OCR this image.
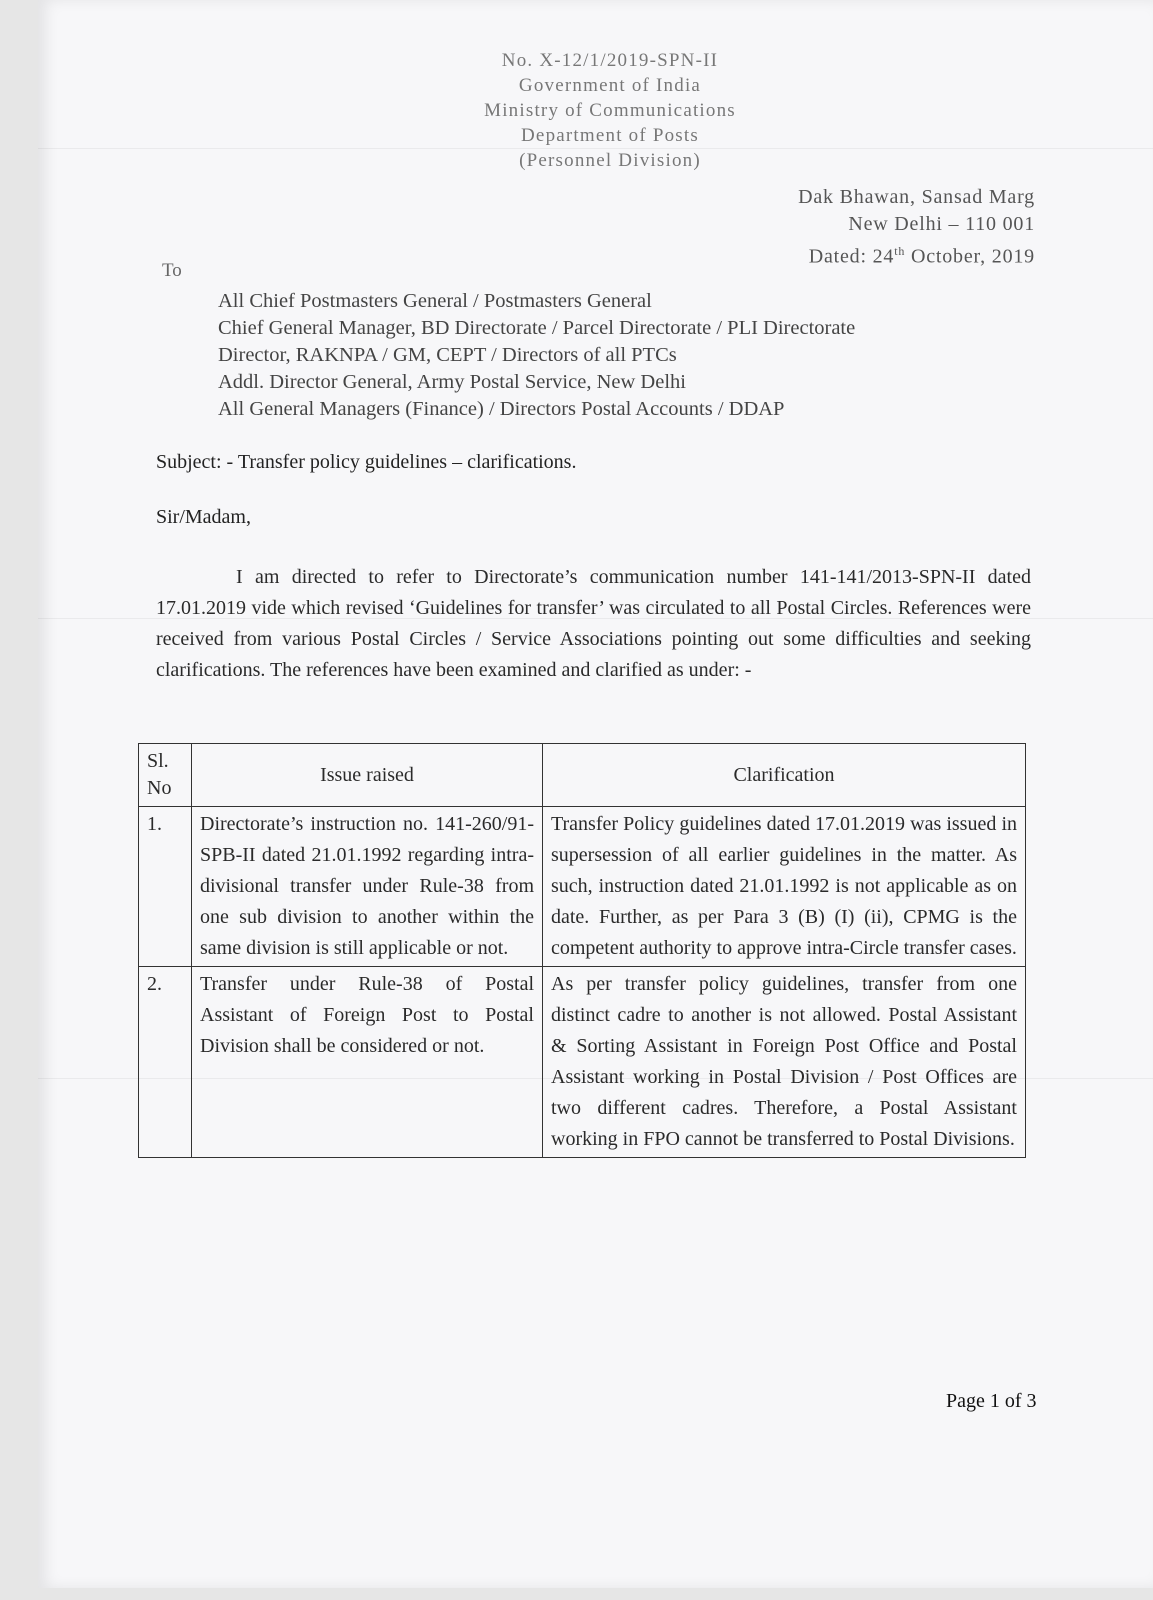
No. X-12/1/2019-SPN-II
Government of India
Ministry of Communications
Department of Posts
(Personnel Division)
Dak Bhawan, Sansad Marg
New Delhi – 110 001
Dated: 24th October, 2019
To
All Chief Postmasters General / Postmasters General
Chief General Manager, BD Directorate / Parcel Directorate / PLI Directorate
Director, RAKNPA / GM, CEPT / Directors of all PTCs
Addl. Director General, Army Postal Service, New Delhi
All General Managers (Finance) / Directors Postal Accounts / DDAP
Subject: - Transfer policy guidelines – clarifications.
Sir/Madam,
I am directed to refer to Directorate’s communication number 141-141/2013-SPN-II dated 17.01.2019 vide which revised ‘Guidelines for transfer’ was circulated to all Postal Circles. References were received from various Postal Circles / Service Associations pointing out some difficulties and seeking clarifications. The references have been examined and clarified as under: -
Sl. No	Issue raised	Clarification
1.	Directorate’s instruction no. 141-260/91-SPB-II dated 21.01.1992 regarding intra-divisional transfer under Rule-38 from one sub division to another within the same division is still applicable or not.	Transfer Policy guidelines dated 17.01.2019 was issued in supersession of all earlier guidelines in the matter. As such, instruction dated 21.01.1992 is not applicable as on date. Further, as per Para 3 (B) (I) (ii), CPMG is the competent authority to approve intra-Circle transfer cases.
2.	Transfer under Rule-38 of Postal Assistant of Foreign Post to Postal Division shall be considered or not.	As per transfer policy guidelines, transfer from one distinct cadre to another is not allowed. Postal Assistant & Sorting Assistant in Foreign Post Office and Postal Assistant working in Postal Division / Post Offices are two different cadres. Therefore, a Postal Assistant working in FPO cannot be transferred to Postal Divisions.
Page 1 of 3
